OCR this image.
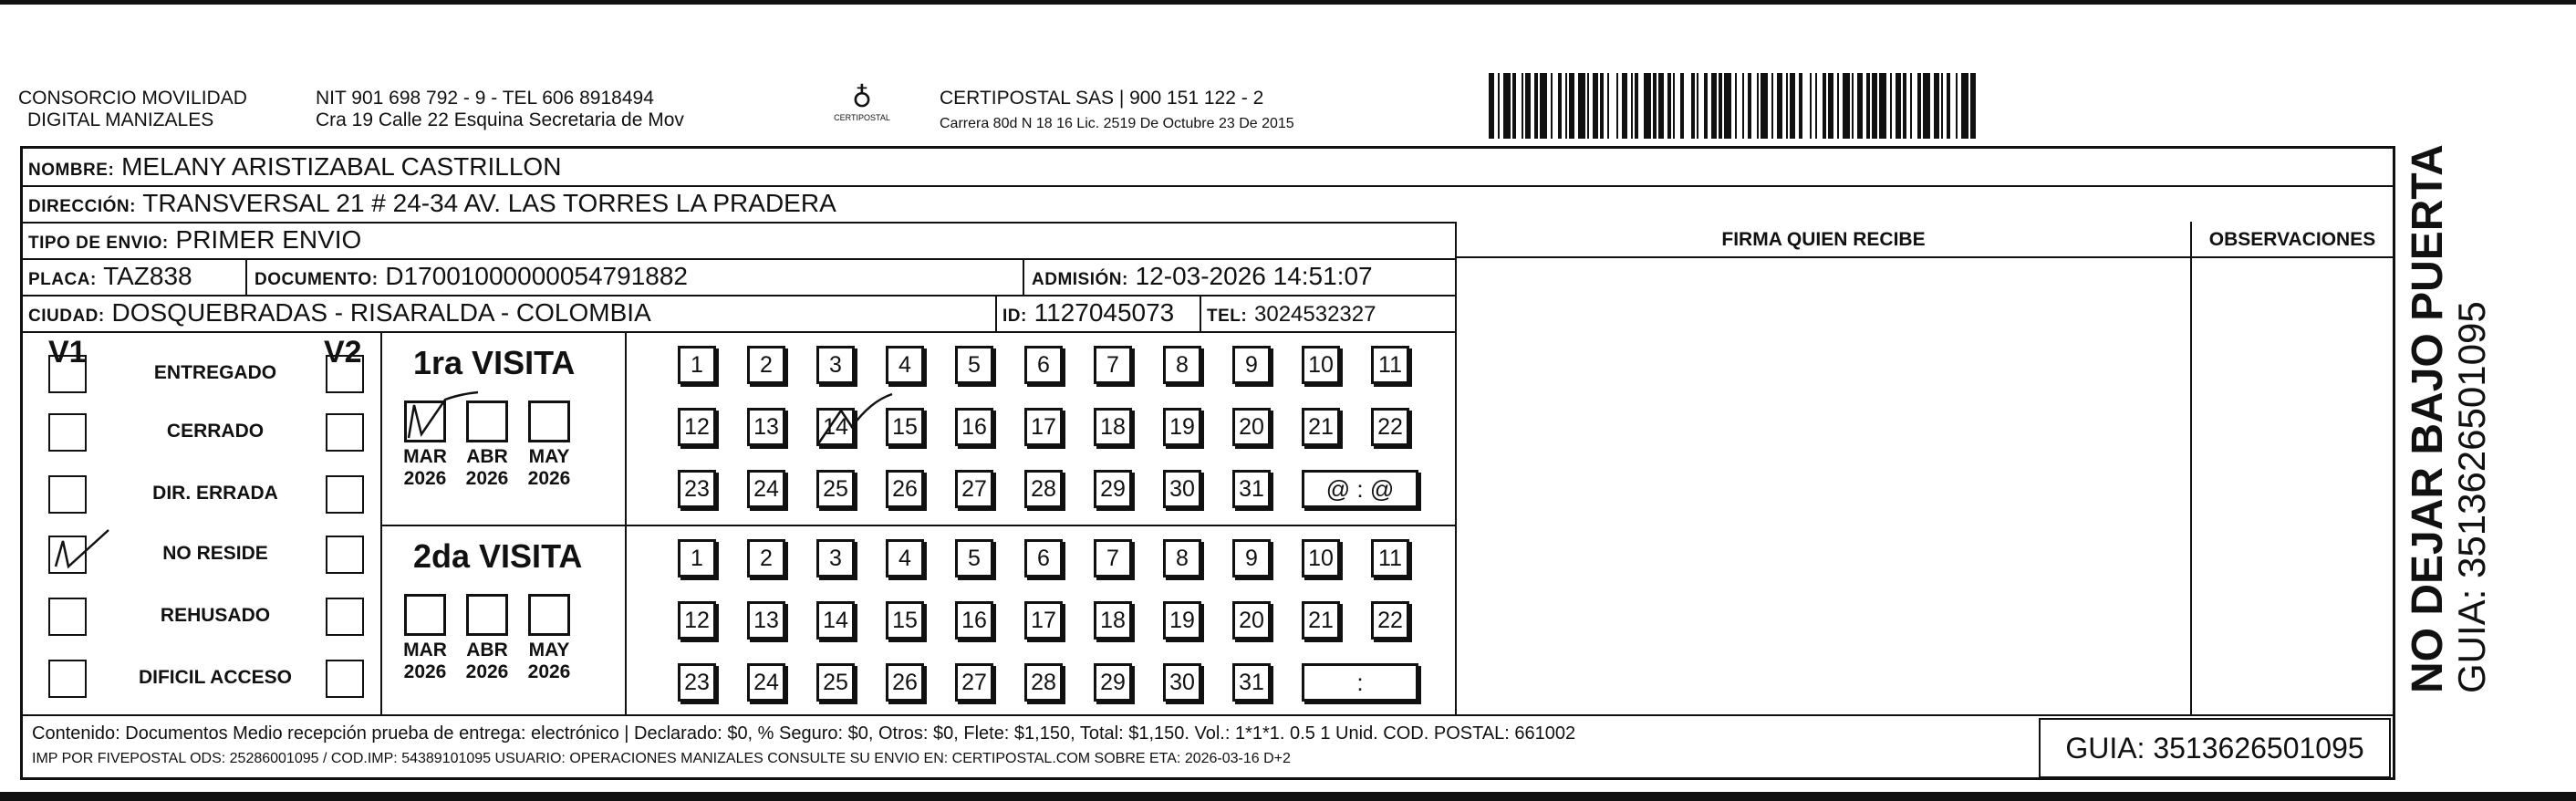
CONSORCIO MOVILIDAD
DIGITAL MANIZALES
NIT 901 698 792 - 9 - TEL 606 8918494
Cra 19 Calle 22 Esquina Secretaria de Mov
♁
CERTIPOSTAL
CERTIPOSTAL SAS | 900 151 122 - 2
Carrera 80d N 18 16 Lic. 2519 De Octubre 23 De 2015
NOMBRE: MELANY ARISTIZABAL CASTRILLON
DIRECCIÓN: TRANSVERSAL 21 # 24-34 AV. LAS TORRES LA PRADERA
TIPO DE ENVIO: PRIMER ENVIO
PLACA: TAZ838	DOCUMENTO: D17001000000054791882	ADMISIÓN: 12-03-2026 14:51:07
CIUDAD: DOSQUEBRADAS - RISARALDA - COLOMBIA	ID: 1127045073 TEL: 3024532327
FIRMA QUIEN RECIBE	OBSERVACIONES
V1	V2
ENTREGADO
CERRADO
DIR. ERRADA
NO RESIDE
REHUSADO
DIFICIL ACCESO
1ra VISITA
MAR
2026
ABR
2026
MAY
2026
1	2	3	4	5	6	7	8	9	10	11
12 13 14 15 16 17 18 19 20 21 22
23 24 25 26 27 28 29 30 31	@ : @
2da VISITA
MAR
2026
ABR
2026
MAY
2026
1	2	3	4	5	6	7	8	9	10	11
12 13 14 15 16 17 18 19 20 21 22
23 24 25 26 27 28 29 30 31	:
Contenido: Documentos Medio recepción prueba de entrega: electrónico | Declarado: $0, % Seguro: $0, Otros: $0, Flete: $1,150, Total: $1,150. Vol.: 1*1*1. 0.5 1 Unid. COD. POSTAL: 661002
IMP POR FIVEPOSTAL ODS: 25286001095 / COD.IMP: 54389101095 USUARIO: OPERACIONES MANIZALES CONSULTE SU ENVIO EN: CERTIPOSTAL.COM SOBRE ETA: 2026-03-16 D+2	GUIA: 3513626501095
NO DEJAR BAJO PUERTA
GUIA: 3513626501095
